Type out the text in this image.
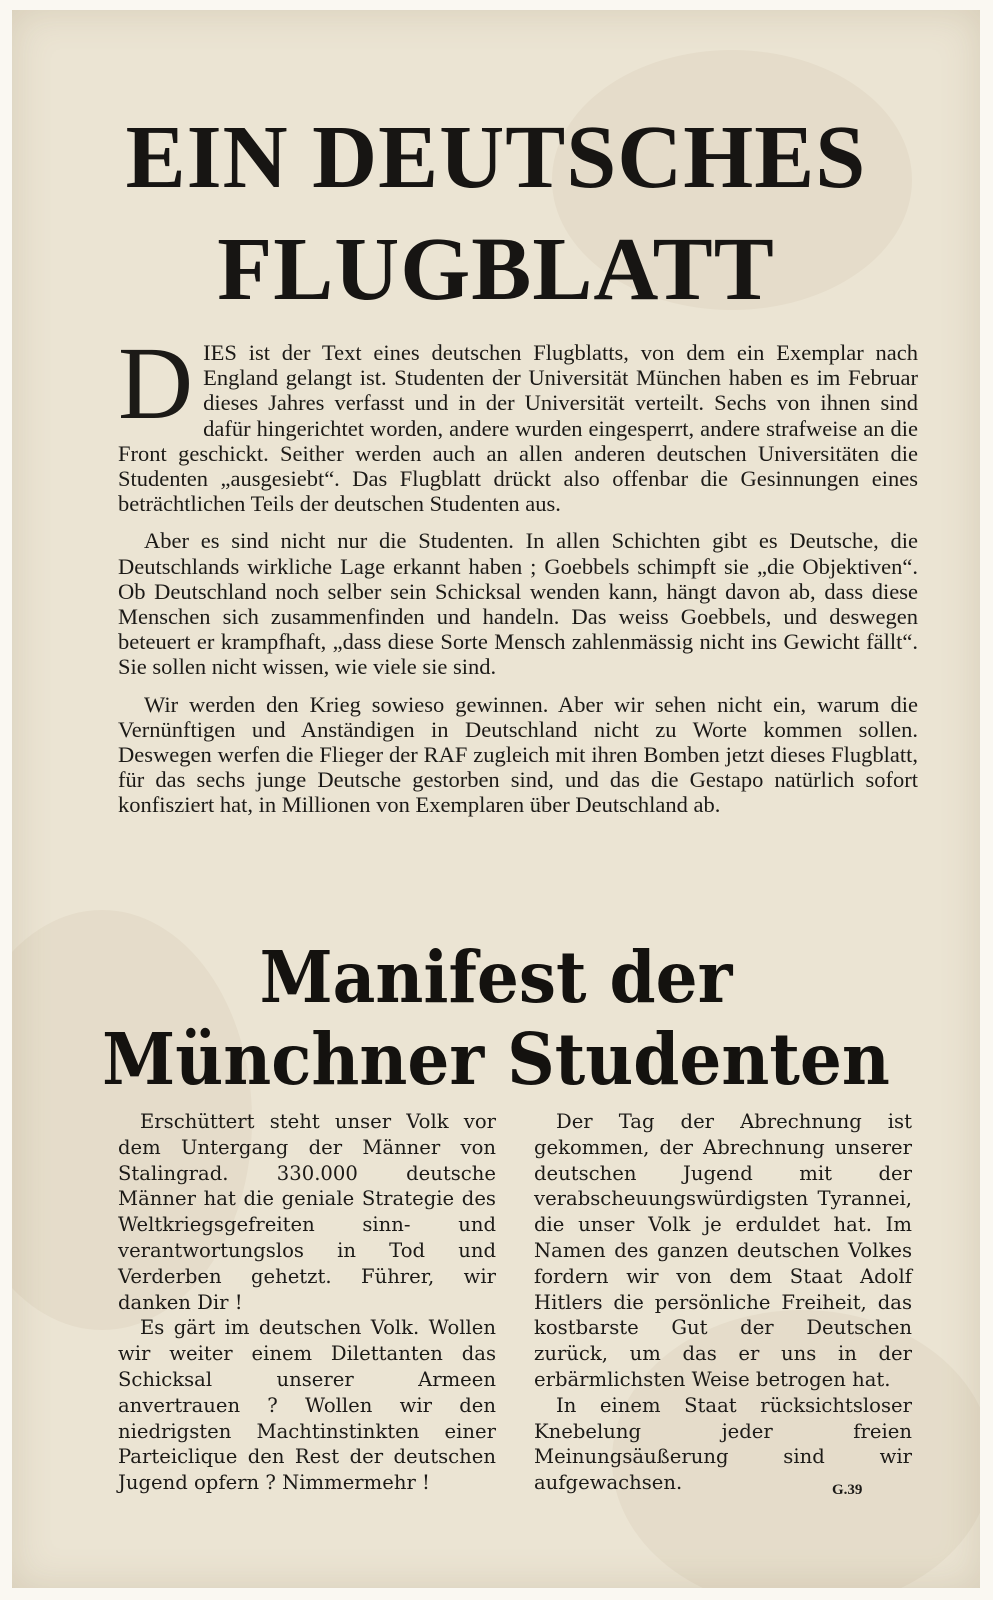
EIN DEUTSCHES
FLUGBLATT

DIES ist der Text eines deutschen Flugblatts, von dem ein Exemplar nach England gelangt ist. Studenten der Universität München haben es im Februar dieses Jahres verfasst und in der Universität verteilt. Sechs von ihnen sind dafür hingerichtet worden, andere wurden eingesperrt, andere strafweise an die Front geschickt. Seither werden auch an allen anderen deutschen Universitäten die Studenten „ausgesiebt“. Das Flugblatt drückt also offenbar die Gesinnungen eines beträchtlichen Teils der deutschen Studenten aus.

Aber es sind nicht nur die Studenten. In allen Schichten gibt es Deutsche, die Deutschlands wirkliche Lage erkannt haben ; Goebbels schimpft sie „die Objektiven“. Ob Deutschland noch selber sein Schicksal wenden kann, hängt davon ab, dass diese Menschen sich zusammenfinden und handeln. Das weiss Goebbels, und deswegen beteuert er krampfhaft, „dass diese Sorte Mensch zahlenmässig nicht ins Gewicht fällt“. Sie sollen nicht wissen, wie viele sie sind.

Wir werden den Krieg sowieso gewinnen. Aber wir sehen nicht ein, warum die Vernünftigen und Anständigen in Deutschland nicht zu Worte kommen sollen. Deswegen werfen die Flieger der RAF zugleich mit ihren Bomben jetzt dieses Flugblatt, für das sechs junge Deutsche gestorben sind, und das die Gestapo natürlich sofort konfisziert hat, in Millionen von Exemplaren über Deutschland ab.

Manifest der
Münchner Studenten

Erschüttert steht unser Volk vor dem Untergang der Männer von Stalingrad. 330.000 deutsche Männer hat die geniale Strategie des Weltkriegsgefreiten sinn- und verantwortungslos in Tod und Verderben gehetzt. Führer, wir danken Dir !

Es gärt im deutschen Volk. Wollen wir weiter einem Dilettanten das Schicksal unserer Armeen anvertrauen ? Wollen wir den niedrigsten Machtinstinkten einer Parteiclique den Rest der deutschen Jugend opfern ? Nimmermehr !

Der Tag der Abrechnung ist gekommen, der Abrechnung unserer deutschen Jugend mit der verabscheuungswürdigsten Tyrannei, die unser Volk je erduldet hat. Im Namen des ganzen deutschen Volkes fordern wir von dem Staat Adolf Hitlers die persönliche Freiheit, das kostbarste Gut der Deutschen zurück, um das er uns in der erbärmlichsten Weise betrogen hat.

In einem Staat rücksichtsloser Knebelung jeder freien Meinungsäußerung sind wir aufgewachsen.	G.39
